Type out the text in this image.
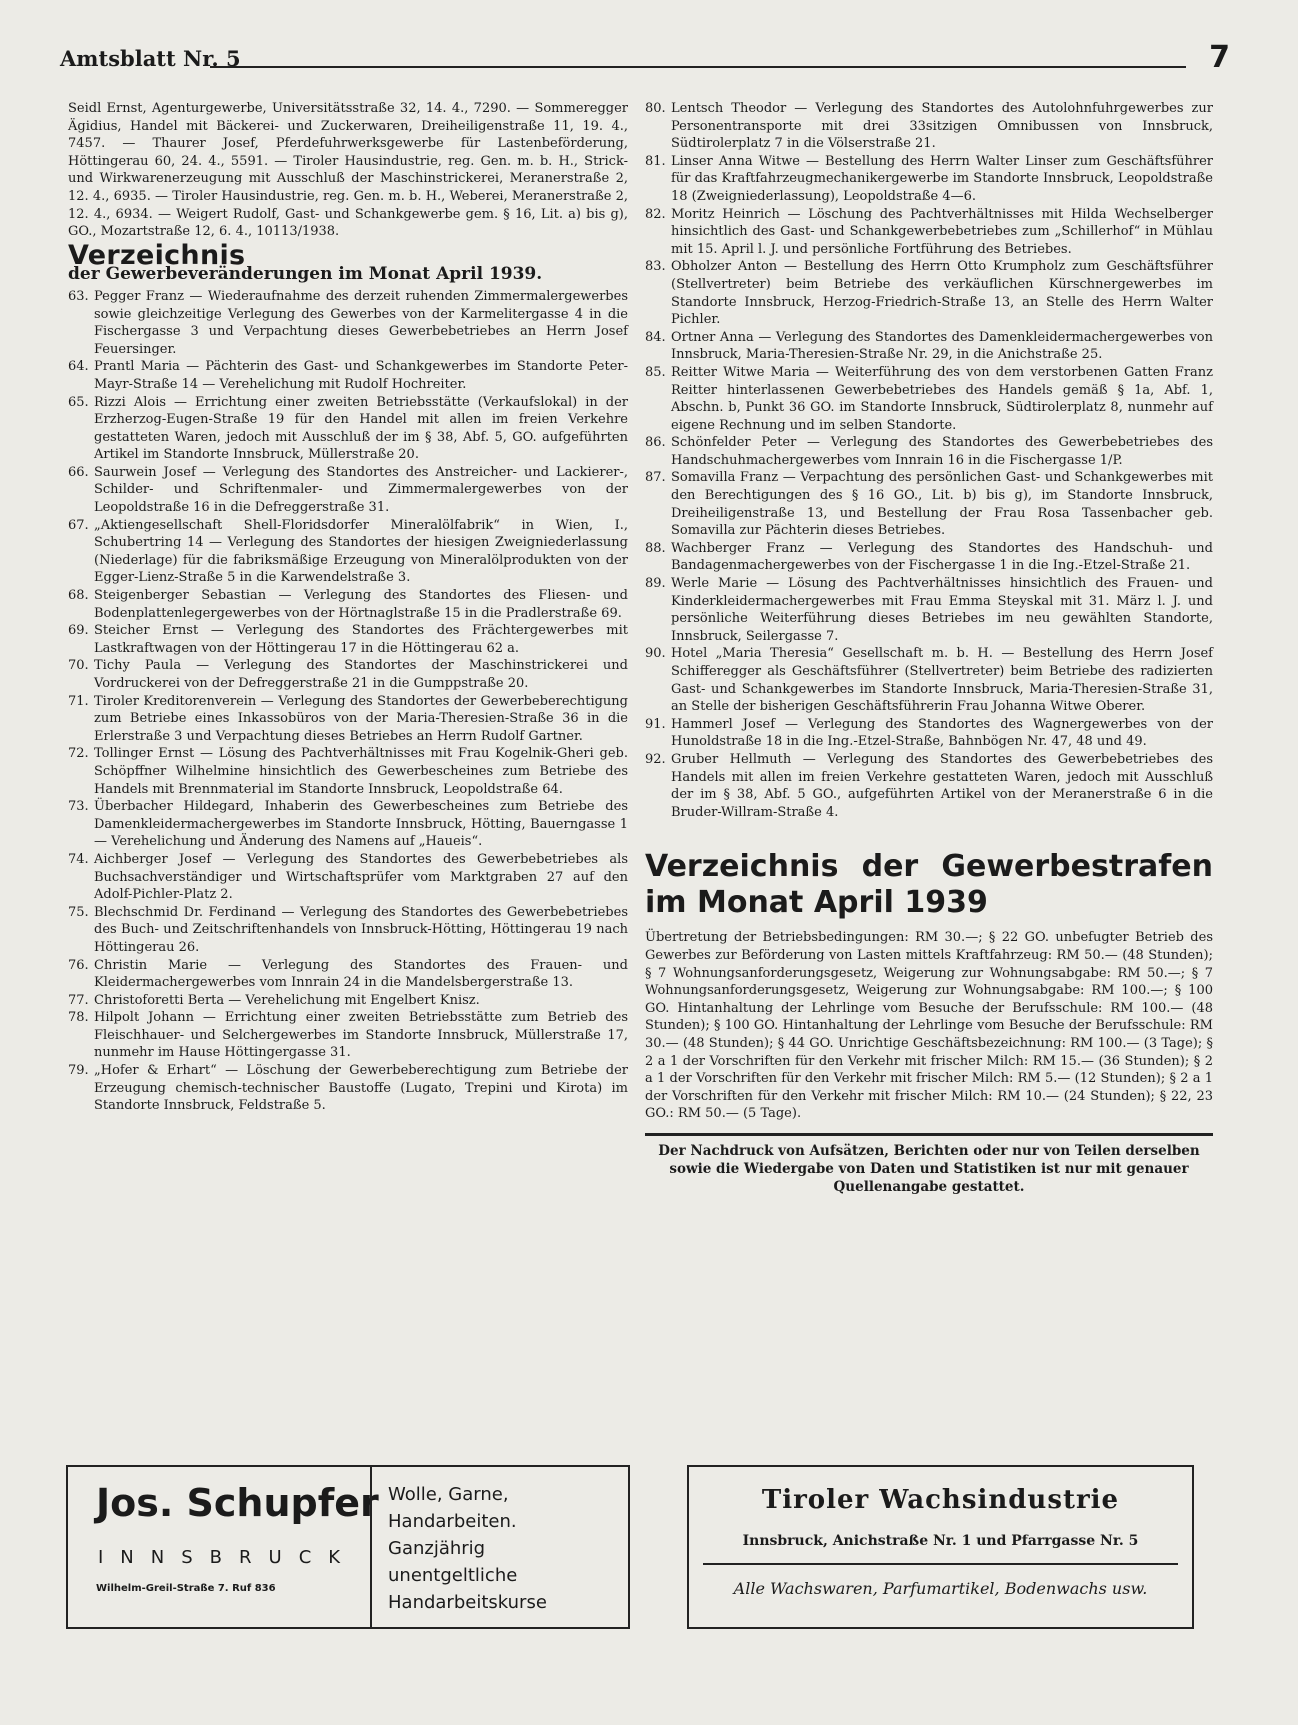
Amtsblatt Nr. 5	7

Seidl Ernst, Agenturgewerbe, Universitätsstraße 32, 14. 4., 7290. — Sommeregger Ägidius, Handel mit Bäckerei- und Zuckerwaren, Dreiheiligenstraße 11, 19. 4., 7457. — Thaurer Josef, Pferdefuhrwerksgewerbe für Lastenbeförderung, Höttingerau 60, 24. 4., 5591. — Tiroler Hausindustrie, reg. Gen. m. b. H., Strick- und Wirkwarenerzeugung mit Ausschluß der Maschinstrickerei, Meranerstraße 2, 12. 4., 6935. — Tiroler Hausindustrie, reg. Gen. m. b. H., Weberei, Meranerstraße 2, 12. 4., 6934. — Weigert Rudolf, Gast- und Schankgewerbe gem. § 16, Lit. a) bis g), GO., Mozartstraße 12, 6. 4., 10113/1938.

Verzeichnis
der Gewerbeveränderungen im Monat April 1939.
63. Pegger Franz — Wiederaufnahme des derzeit ruhenden Zimmermalergewerbes sowie gleichzeitige Verlegung des Gewerbes von der Karmelitergasse 4 in die Fischergasse 3 und Verpachtung dieses Gewerbebetriebes an Herrn Josef Feuersinger.
64. Prantl Maria — Pächterin des Gast- und Schankgewerbes im Standorte Peter-Mayr-Straße 14 — Verehelichung mit Rudolf Hochreiter.
65. Rizzi Alois — Errichtung einer zweiten Betriebsstätte (Verkaufslokal) in der Erzherzog-Eugen-Straße 19 für den Handel mit allen im freien Verkehre gestatteten Waren, jedoch mit Ausschluß der im § 38, Abf. 5, GO. aufgeführten Artikel im Standorte Innsbruck, Müllerstraße 20.
66. Saurwein Josef — Verlegung des Standortes des Anstreicher- und Lackierer-, Schilder- und Schriftenmaler- und Zimmermalergewerbes von der Leopoldstraße 16 in die Defreggerstraße 31.
67. „Aktiengesellschaft Shell-Floridsdorfer Mineralölfabrik“ in Wien, I., Schubertring 14 — Verlegung des Standortes der hiesigen Zweigniederlassung (Niederlage) für die fabriksmäßige Erzeugung von Mineralölprodukten von der Egger-Lienz-Straße 5 in die Karwendelstraße 3.
68. Steigenberger Sebastian — Verlegung des Standortes des Fliesen- und Bodenplattenlegergewerbes von der Hörtnaglstraße 15 in die Pradlerstraße 69.
69. Steicher Ernst — Verlegung des Standortes des Frächtergewerbes mit Lastkraftwagen von der Höttingerau 17 in die Höttingerau 62 a.
70. Tichy Paula — Verlegung des Standortes der Maschinstrickerei und Vordruckerei von der Defreggerstraße 21 in die Gumppstraße 20.
71. Tiroler Kreditorenverein — Verlegung des Standortes der Gewerbeberechtigung zum Betriebe eines Inkassobüros von der Maria-Theresien-Straße 36 in die Erlerstraße 3 und Verpachtung dieses Betriebes an Herrn Rudolf Gartner.
72. Tollinger Ernst — Lösung des Pachtverhältnisses mit Frau Kogelnik-Gheri geb. Schöpffner Wilhelmine hinsichtlich des Gewerbescheines zum Betriebe des Handels mit Brennmaterial im Standorte Innsbruck, Leopoldstraße 64.
73. Überbacher Hildegard, Inhaberin des Gewerbescheines zum Betriebe des Damenkleidermachergewerbes im Standorte Innsbruck, Hötting, Bauerngasse 1 — Verehelichung und Änderung des Namens auf „Haueis“.
74. Aichberger Josef — Verlegung des Standortes des Gewerbebetriebes als Buchsachverständiger und Wirtschaftsprüfer vom Marktgraben 27 auf den Adolf-Pichler-Platz 2.
75. Blechschmid Dr. Ferdinand — Verlegung des Standortes des Gewerbebetriebes des Buch- und Zeitschriftenhandels von Innsbruck-Hötting, Höttingerau 19 nach Höttingerau 26.
76. Christin Marie — Verlegung des Standortes des Frauen- und Kleidermachergewerbes vom Innrain 24 in die Mandelsbergerstraße 13.
77. Christoforetti Berta — Verehelichung mit Engelbert Knisz.
78. Hilpolt Johann — Errichtung einer zweiten Betriebsstätte zum Betrieb des Fleischhauer- und Selchergewerbes im Standorte Innsbruck, Müllerstraße 17, nunmehr im Hause Höttingergasse 31.
79. „Hofer & Erhart“ — Löschung der Gewerbeberechtigung zum Betriebe der Erzeugung chemisch-technischer Baustoffe (Lugato, Trepini und Kirota) im Standorte Innsbruck, Feldstraße 5.
80. Lentsch Theodor — Verlegung des Standortes des Autolohnfuhrgewerbes zur Personentransporte mit drei 33sitzigen Omnibussen von Innsbruck, Südtirolerplatz 7 in die Völserstraße 21.
81. Linser Anna Witwe — Bestellung des Herrn Walter Linser zum Geschäftsführer für das Kraftfahrzeugmechanikergewerbe im Standorte Innsbruck, Leopoldstraße 18 (Zweigniederlassung), Leopoldstraße 4—6.
82. Moritz Heinrich — Löschung des Pachtverhältnisses mit Hilda Wechselberger hinsichtlich des Gast- und Schankgewerbebetriebes zum „Schillerhof“ in Mühlau mit 15. April l. J. und persönliche Fortführung des Betriebes.
83. Obholzer Anton — Bestellung des Herrn Otto Krumpholz zum Geschäftsführer (Stellvertreter) beim Betriebe des verkäuflichen Kürschnergewerbes im Standorte Innsbruck, Herzog-Friedrich-Straße 13, an Stelle des Herrn Walter Pichler.
84. Ortner Anna — Verlegung des Standortes des Damenkleidermachergewerbes von Innsbruck, Maria-Theresien-Straße Nr. 29, in die Anichstraße 25.
85. Reitter Witwe Maria — Weiterführung des von dem verstorbenen Gatten Franz Reitter hinterlassenen Gewerbebetriebes des Handels gemäß § 1a, Abf. 1, Abschn. b, Punkt 36 GO. im Standorte Innsbruck, Südtirolerplatz 8, nunmehr auf eigene Rechnung und im selben Standorte.
86. Schönfelder Peter — Verlegung des Standortes des Gewerbebetriebes des Handschuhmachergewerbes vom Innrain 16 in die Fischergasse 1/P.
87. Somavilla Franz — Verpachtung des persönlichen Gast- und Schankgewerbes mit den Berechtigungen des § 16 GO., Lit. b) bis g), im Standorte Innsbruck, Dreiheiligenstraße 13, und Bestellung der Frau Rosa Tassenbacher geb. Somavilla zur Pächterin dieses Betriebes.
88. Wachberger Franz — Verlegung des Standortes des Handschuh- und Bandagenmachergewerbes von der Fischergasse 1 in die Ing.-Etzel-Straße 21.
89. Werle Marie — Lösung des Pachtverhältnisses hinsichtlich des Frauen- und Kinderkleidermachergewerbes mit Frau Emma Steyskal mit 31. März l. J. und persönliche Weiterführung dieses Betriebes im neu gewählten Standorte, Innsbruck, Seilergasse 7.
90. Hotel „Maria Theresia“ Gesellschaft m. b. H. — Bestellung des Herrn Josef Schifferegger als Geschäftsführer (Stellvertreter) beim Betriebe des radizierten Gast- und Schankgewerbes im Standorte Innsbruck, Maria-Theresien-Straße 31, an Stelle der bisherigen Geschäftsführerin Frau Johanna Witwe Oberer.
91. Hammerl Josef — Verlegung des Standortes des Wagnergewerbes von der Hunoldstraße 18 in die Ing.-Etzel-Straße, Bahnbögen Nr. 47, 48 und 49.
92. Gruber Hellmuth — Verlegung des Standortes des Gewerbebetriebes des Handels mit allen im freien Verkehre gestatteten Waren, jedoch mit Ausschluß der im § 38, Abf. 5 GO., aufgeführten Artikel von der Meranerstraße 6 in die Bruder-Willram-Straße 4.
Verzeichnis der Gewerbestrafen im Monat April 1939

Übertretung der Betriebsbedingungen: RM 30.—; § 22 GO. unbefugter Betrieb des Gewerbes zur Beförderung von Lasten mittels Kraftfahrzeug: RM 50.— (48 Stunden); § 7 Wohnungsanforderungsgesetz, Weigerung zur Wohnungsabgabe: RM 50.—; § 7 Wohnungsanforderungsgesetz, Weigerung zur Wohnungsabgabe: RM 100.—; § 100 GO. Hintanhaltung der Lehrlinge vom Besuche der Berufsschule: RM 100.— (48 Stunden); § 100 GO. Hintanhaltung der Lehrlinge vom Besuche der Berufsschule: RM 30.— (48 Stunden); § 44 GO. Unrichtige Geschäftsbezeichnung: RM 100.— (3 Tage); § 2 a 1 der Vorschriften für den Verkehr mit frischer Milch: RM 15.— (36 Stunden); § 2 a 1 der Vorschriften für den Verkehr mit frischer Milch: RM 5.— (12 Stunden); § 2 a 1 der Vorschriften für den Verkehr mit frischer Milch: RM 10.— (24 Stunden); § 22, 23 GO.: RM 50.— (5 Tage).

Der Nachdruck von Aufsätzen, Berichten oder nur von Teilen derselben sowie die Wiedergabe von Daten und Statistiken ist nur mit genauer Quellenangabe gestattet.

Jos. Schupfer
INNSBRUCK
Wilhelm-Greil-Straße 7. Ruf 836
Wolle, Garne, Handarbeiten. Ganzjährig unentgeltliche Handarbeitskurse
Tiroler Wachsindustrie
Innsbruck, Anichstraße Nr. 1 und Pfarrgasse Nr. 5
Alle Wachswaren, Parfumartikel, Bodenwachs usw.
